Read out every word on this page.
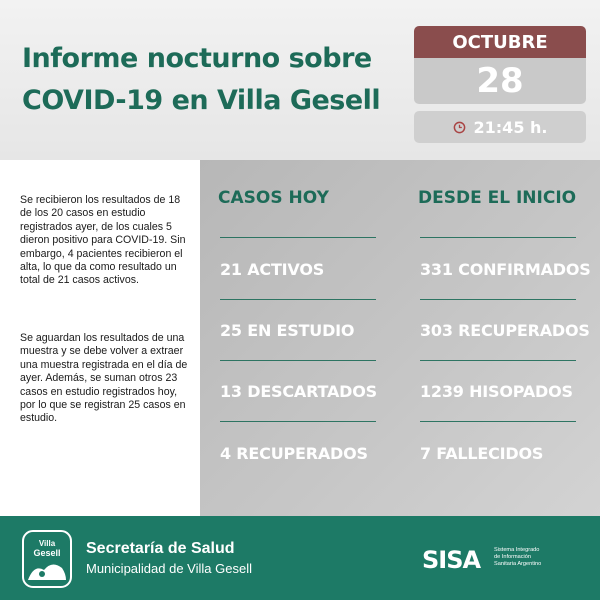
Informe nocturno sobre
COVID-19 en Villa Gesell
OCTUBRE
28
21:45 h.

Se recibieron los resultados de 18 de los 20 casos en estudio registrados ayer, de los cuales 5 dieron positivo para COVID-19. Sin embargo, 4 pacientes recibieron el alta, lo que da como resultado un total de 21 casos activos.

Se aguardan los resultados de una muestra y se debe volver a extraer una muestra registrada en el día de ayer. Además, se suman otros 23 casos en estudio registrados hoy, por lo que se registran 25 casos en estudio.

CASOS HOY
21 ACTIVOS
25 EN ESTUDIO
13 DESCARTADOS
4 RECUPERADOS
DESDE EL INICIO
331 CONFIRMADOS
303 RECUPERADOS
1239 HISOPADOS
7 FALLECIDOS
Villa
Gesell Secretaría de Salud
Municipalidad de Villa Gesell	SISA Sistema Integrado
de Información
Sanitaria Argentino
